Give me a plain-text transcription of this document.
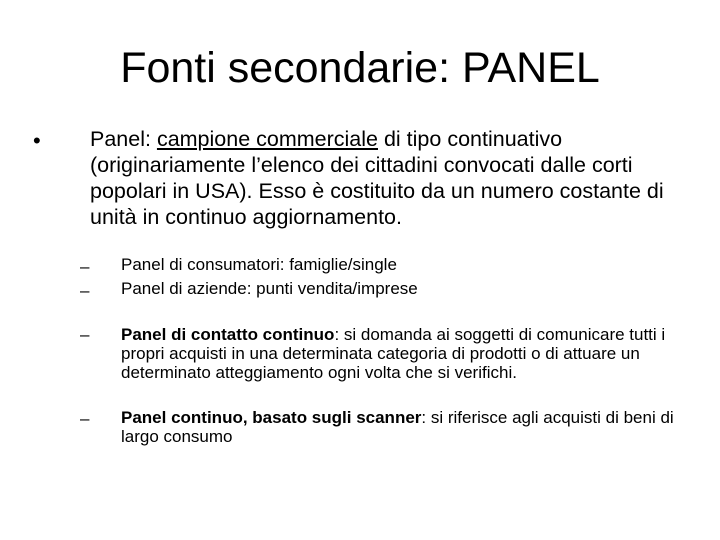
Fonti secondarie: PANEL
• Panel: campione commerciale di tipo continuativo (originariamente l’elenco dei cittadini convocati dalle corti popolari in USA). Esso è costituito da un numero costante di unità in continuo aggiornamento.
– Panel di consumatori: famiglie/single
– Panel di aziende: punti vendita/imprese
– Panel di contatto continuo: si domanda ai soggetti di comunicare tutti i propri acquisti in una determinata categoria di prodotti o di attuare un determinato atteggiamento ogni volta che si verifichi.
– Panel continuo, basato sugli scanner: si riferisce agli acquisti di beni di largo consumo
